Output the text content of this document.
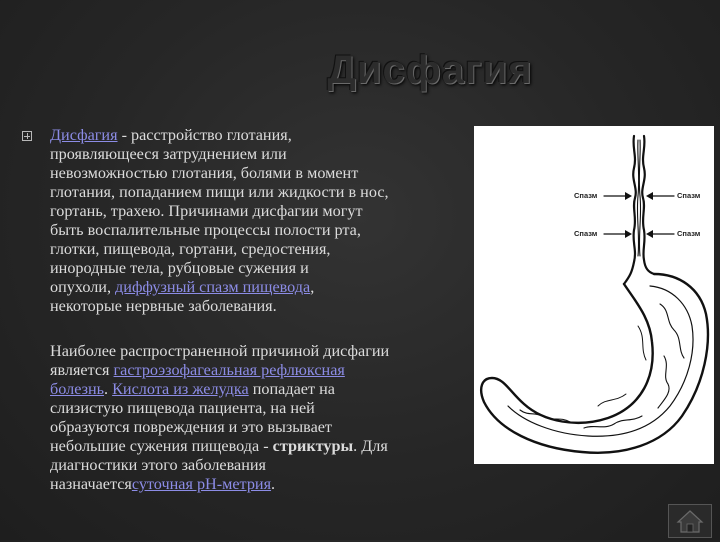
Дисфагия
Дисфагия - расстройство глотания,
проявляющееся затруднением или
невозможностью глотания, болями в момент
глотания, попаданием пищи или жидкости в нос,
гортань, трахею. Причинами дисфагии могут
быть воспалительные процессы полости рта,
глотки, пищевода, гортани, средостения,
инородные тела, рубцовые сужения и
опухоли, диффузный спазм пищевода,
некоторые нервные заболевания.
Наиболее распространенной причиной дисфагии
является гастроэзофагеальная рефлюксная
болезнь. Кислота из желудка попадает на
слизистую пищевода пациента, на ней
образуются повреждения и это вызывает
небольшие сужения пищевода - стриктуры. Для
диагностики этого заболевания
назначаетсясуточная pH-метрия.
Спазм	Спазм
Спазм	Спазм
